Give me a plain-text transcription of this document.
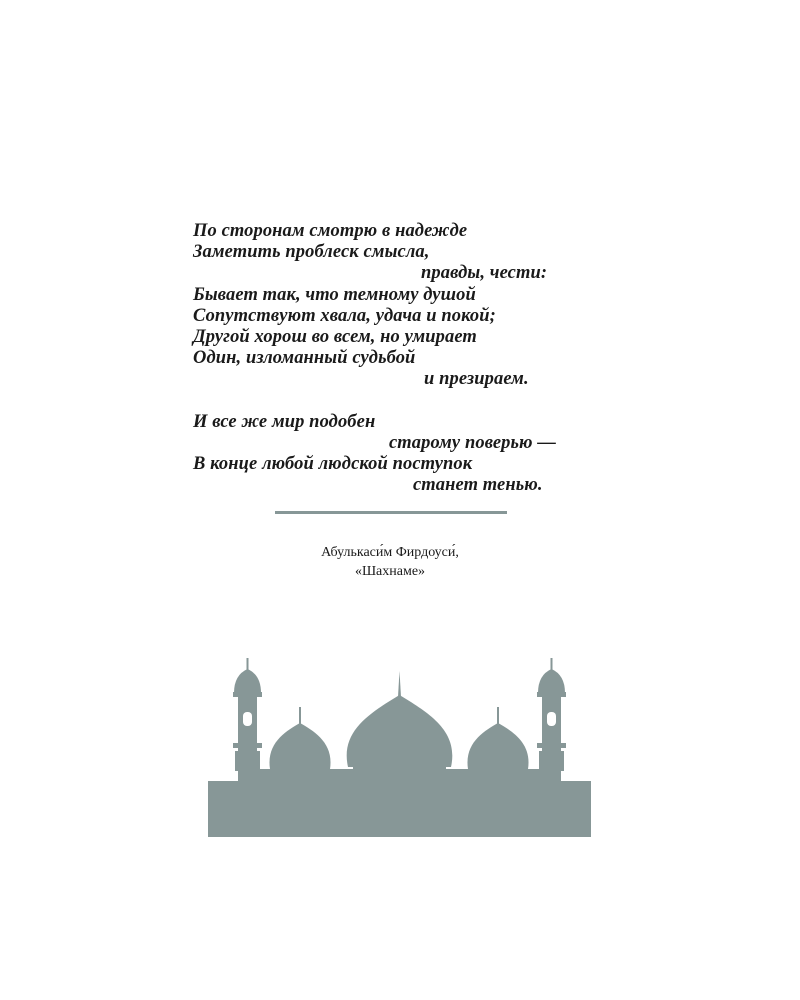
По сторонам смотрю в надежде
Заметить проблеск смысла,
правды, чести:
Бывает так, что темному душой
Сопутствуют хвала, удача и покой;
Другой хорош во всем, но умирает
Один, изломанный судьбой
и презираем.
И все же мир подобен
старому поверью —
В конце любой людской поступок
станет тенью.
Абулькаси́м Фирдоуси́,
«Шахнаме»
